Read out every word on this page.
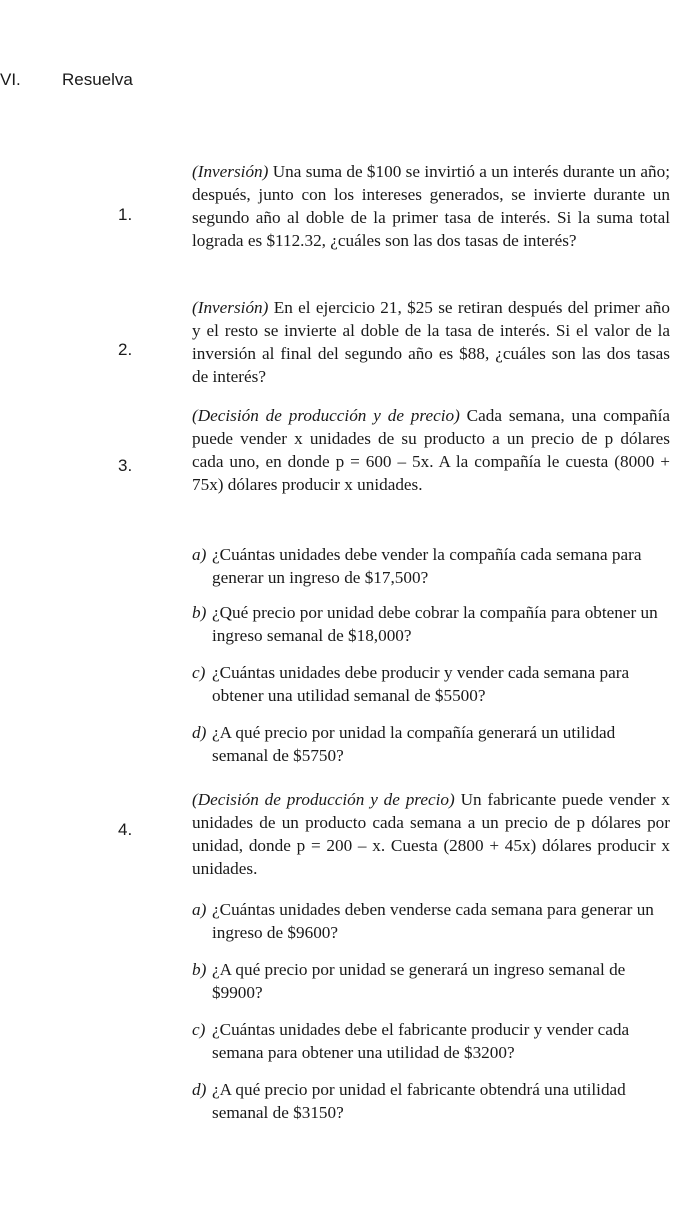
VI. Resuelva
1.
(Inversión) Una suma de $100 se invirtió a un interés durante un año; después, junto con los intereses generados, se invierte durante un segundo año al doble de la primer tasa de interés. Si la suma total lograda es $112.32, ¿cuáles son las dos tasas de interés?
2.
(Inversión) En el ejercicio 21, $25 se retiran después del primer año y el resto se invierte al doble de la tasa de interés. Si el valor de la inversión al final del segundo año es $88, ¿cuáles son las dos tasas de interés?
3.
(Decisión de producción y de precio) Cada semana, una compañía puede vender x unidades de su producto a un precio de p dólares cada uno, en donde p = 600 – 5x. A la compañía le cuesta (8000 + 75x) dólares producir x unidades.
a) ¿Cuántas unidades debe vender la compañía cada semana para generar un ingreso de $17,500?
b) ¿Qué precio por unidad debe cobrar la compañía para obtener un ingreso semanal de $18,000?
c) ¿Cuántas unidades debe producir y vender cada semana para obtener una utilidad semanal de $5500?
d) ¿A qué precio por unidad la compañía generará un utilidad semanal de $5750?
4.
(Decisión de producción y de precio) Un fabricante puede vender x unidades de un producto cada semana a un precio de p dólares por unidad, donde p = 200 – x. Cuesta (2800 + 45x) dólares producir x unidades.
a) ¿Cuántas unidades deben venderse cada semana para generar un ingreso de $9600?
b) ¿A qué precio por unidad se generará un ingreso semanal de $9900?
c) ¿Cuántas unidades debe el fabricante producir y vender cada semana para obtener una utilidad de $3200?
d) ¿A qué precio por unidad el fabricante obtendrá una utilidad semanal de $3150?
